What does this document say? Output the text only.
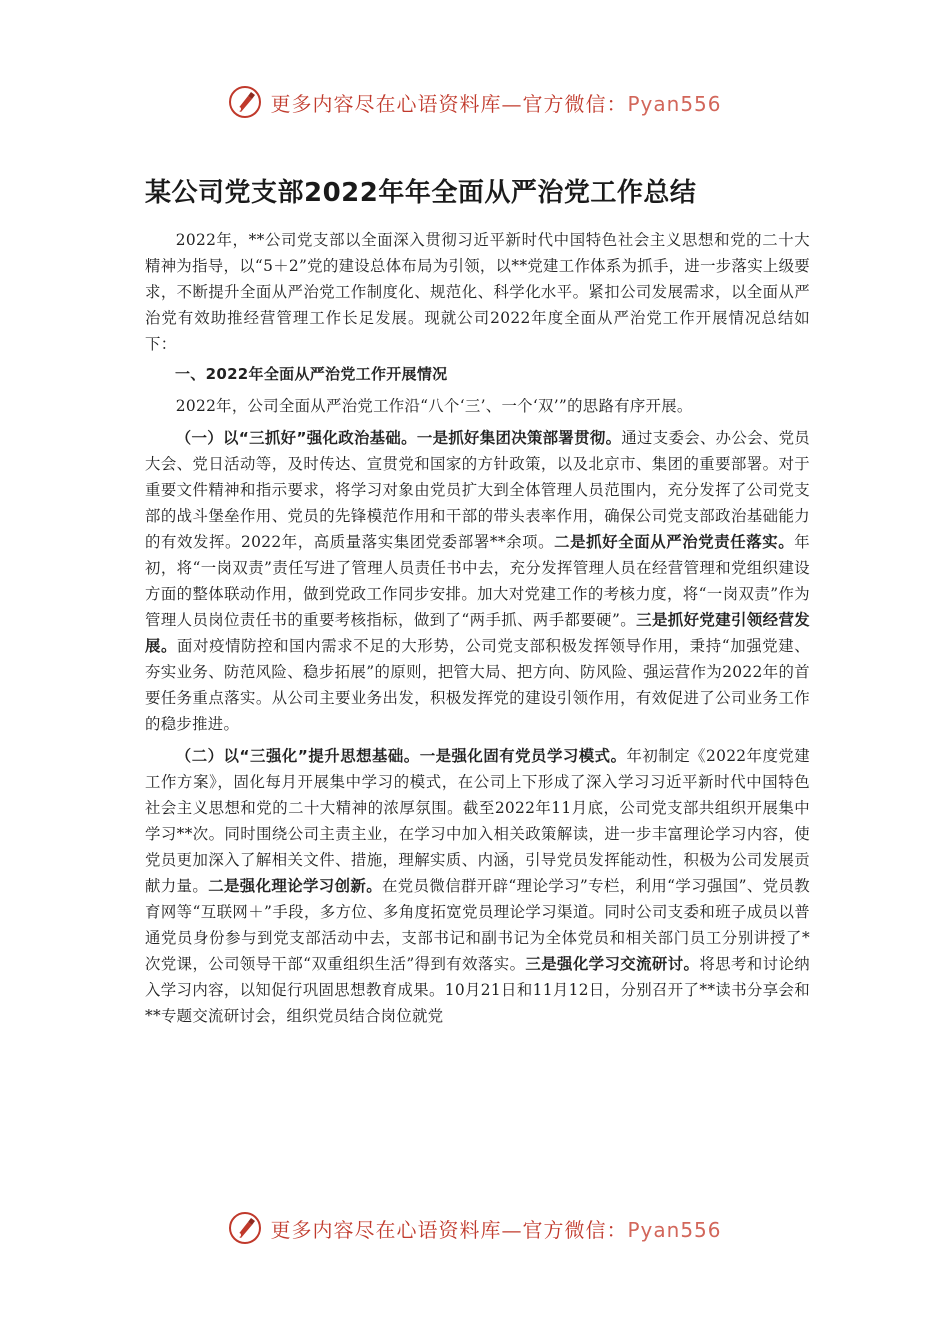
更多内容尽在心语资料库—官方微信：Pyan556
某公司党支部2022年年全面从严治党工作总结

2022年，**公司党支部以全面深入贯彻习近平新时代中国特色社会主义思想和党的二十大精神为指导，以“5＋2”党的建设总体布局为引领，以**党建工作体系为抓手，进一步落实上级要求，不断提升全面从严治党工作制度化、规范化、科学化水平。紧扣公司发展需求，以全面从严治党有效助推经营管理工作长足发展。现就公司2022年度全面从严治党工作开展情况总结如下：

一、2022年全面从严治党工作开展情况

2022年，公司全面从严治党工作沿“八个‘三’、一个‘双’”的思路有序开展。

（一）以“三抓好”强化政治基础。一是抓好集团决策部署贯彻。通过支委会、办公会、党员大会、党日活动等，及时传达、宣贯党和国家的方针政策，以及北京市、集团的重要部署。对于重要文件精神和指示要求，将学习对象由党员扩大到全体管理人员范围内，充分发挥了公司党支部的战斗堡垒作用、党员的先锋模范作用和干部的带头表率作用，确保公司党支部政治基础能力的有效发挥。2022年，高质量落实集团党委部署**余项。二是抓好全面从严治党责任落实。年初，将“一岗双责”责任写进了管理人员责任书中去，充分发挥管理人员在经营管理和党组织建设方面的整体联动作用，做到党政工作同步安排。加大对党建工作的考核力度，将“一岗双责”作为管理人员岗位责任书的重要考核指标，做到了“两手抓、两手都要硬”。三是抓好党建引领经营发展。面对疫情防控和国内需求不足的大形势，公司党支部积极发挥领导作用，秉持“加强党建、夯实业务、防范风险、稳步拓展”的原则，把管大局、把方向、防风险、强运营作为2022年的首要任务重点落实。从公司主要业务出发，积极发挥党的建设引领作用，有效促进了公司业务工作的稳步推进。

（二）以“三强化”提升思想基础。一是强化固有党员学习模式。年初制定《2022年度党建工作方案》，固化每月开展集中学习的模式，在公司上下形成了深入学习习近平新时代中国特色社会主义思想和党的二十大精神的浓厚氛围。截至2022年11月底，公司党支部共组织开展集中学习**次。同时围绕公司主责主业，在学习中加入相关政策解读，进一步丰富理论学习内容，使党员更加深入了解相关文件、措施，理解实质、内涵，引导党员发挥能动性，积极为公司发展贡献力量。二是强化理论学习创新。在党员微信群开辟“理论学习”专栏，利用“学习强国”、党员教育网等“互联网＋”手段，多方位、多角度拓宽党员理论学习渠道。同时公司支委和班子成员以普通党员身份参与到党支部活动中去，支部书记和副书记为全体党员和相关部门员工分别讲授了*次党课，公司领导干部“双重组织生活”得到有效落实。三是强化学习交流研讨。将思考和讨论纳入学习内容，以知促行巩固思想教育成果。10月21日和11月12日，分别召开了**读书分享会和**专题交流研讨会，组织党员结合岗位就党

更多内容尽在心语资料库—官方微信：Pyan556
